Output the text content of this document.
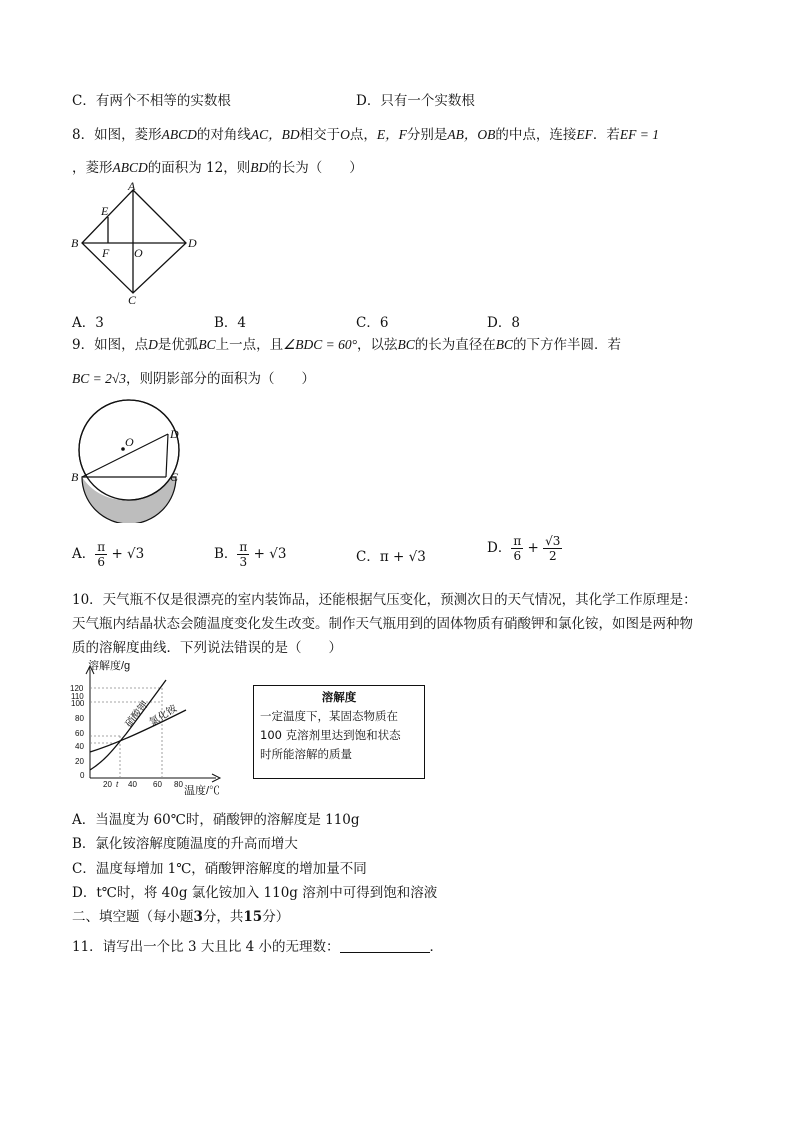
C．有两个不相等的实数根	D．只有一个实数根
8．如图，菱形ABCD的对角线AC，BD相交于O点，E，F分别是AB，OB的中点，连接EF．若EF = 1
，菱形ABCD的面积为 12，则BD的长为（　　）
A
B
C
D
E
F O
A．3	B．4	C．6	D．8
9．如图，点D是优弧BC上一点，且∠BDC = 60°，以弦BC的长为直径在BC的下方作半圆．若
BC = 2√3，则阴影部分的面积为（　　）
O
B	C
D
A． $\frac{\pi}{6} + √3$	B． $\frac{\pi}{3} + √3$	C．π + √3
D． $\frac{\pi}{6} + \frac{√3}{2}$
10．天气瓶不仅是很漂亮的室内装饰品，还能根据气压变化，预测次日的天气情况，其化学工作原理是：
天气瓶内结晶状态会随温度变化发生改变。制作天气瓶用到的固体物质有硝酸钾和氯化铵，如图是两种物
质的溶解度曲线．下列说法错误的是（　　）
溶解度/g
120
110
100
80
60
40
20
0
20 t 40 60 80
温度/℃
硝酸钾
氯化铵
溶解度
一定温度下，某固态物质在
100 克溶剂里达到饱和状态
时所能溶解的质量
A．当温度为 60℃时，硝酸钾的溶解度是 110g
B．氯化铵溶解度随温度的升高而增大
C．温度每增加 1℃，硝酸钾溶解度的增加量不同
D．t℃时，将 40g 氯化铵加入 110g 溶剂中可得到饱和溶液
二、填空题（每小题3分，共15分）
11．请写出一个比 3 大且比 4 小的无理数：	．
